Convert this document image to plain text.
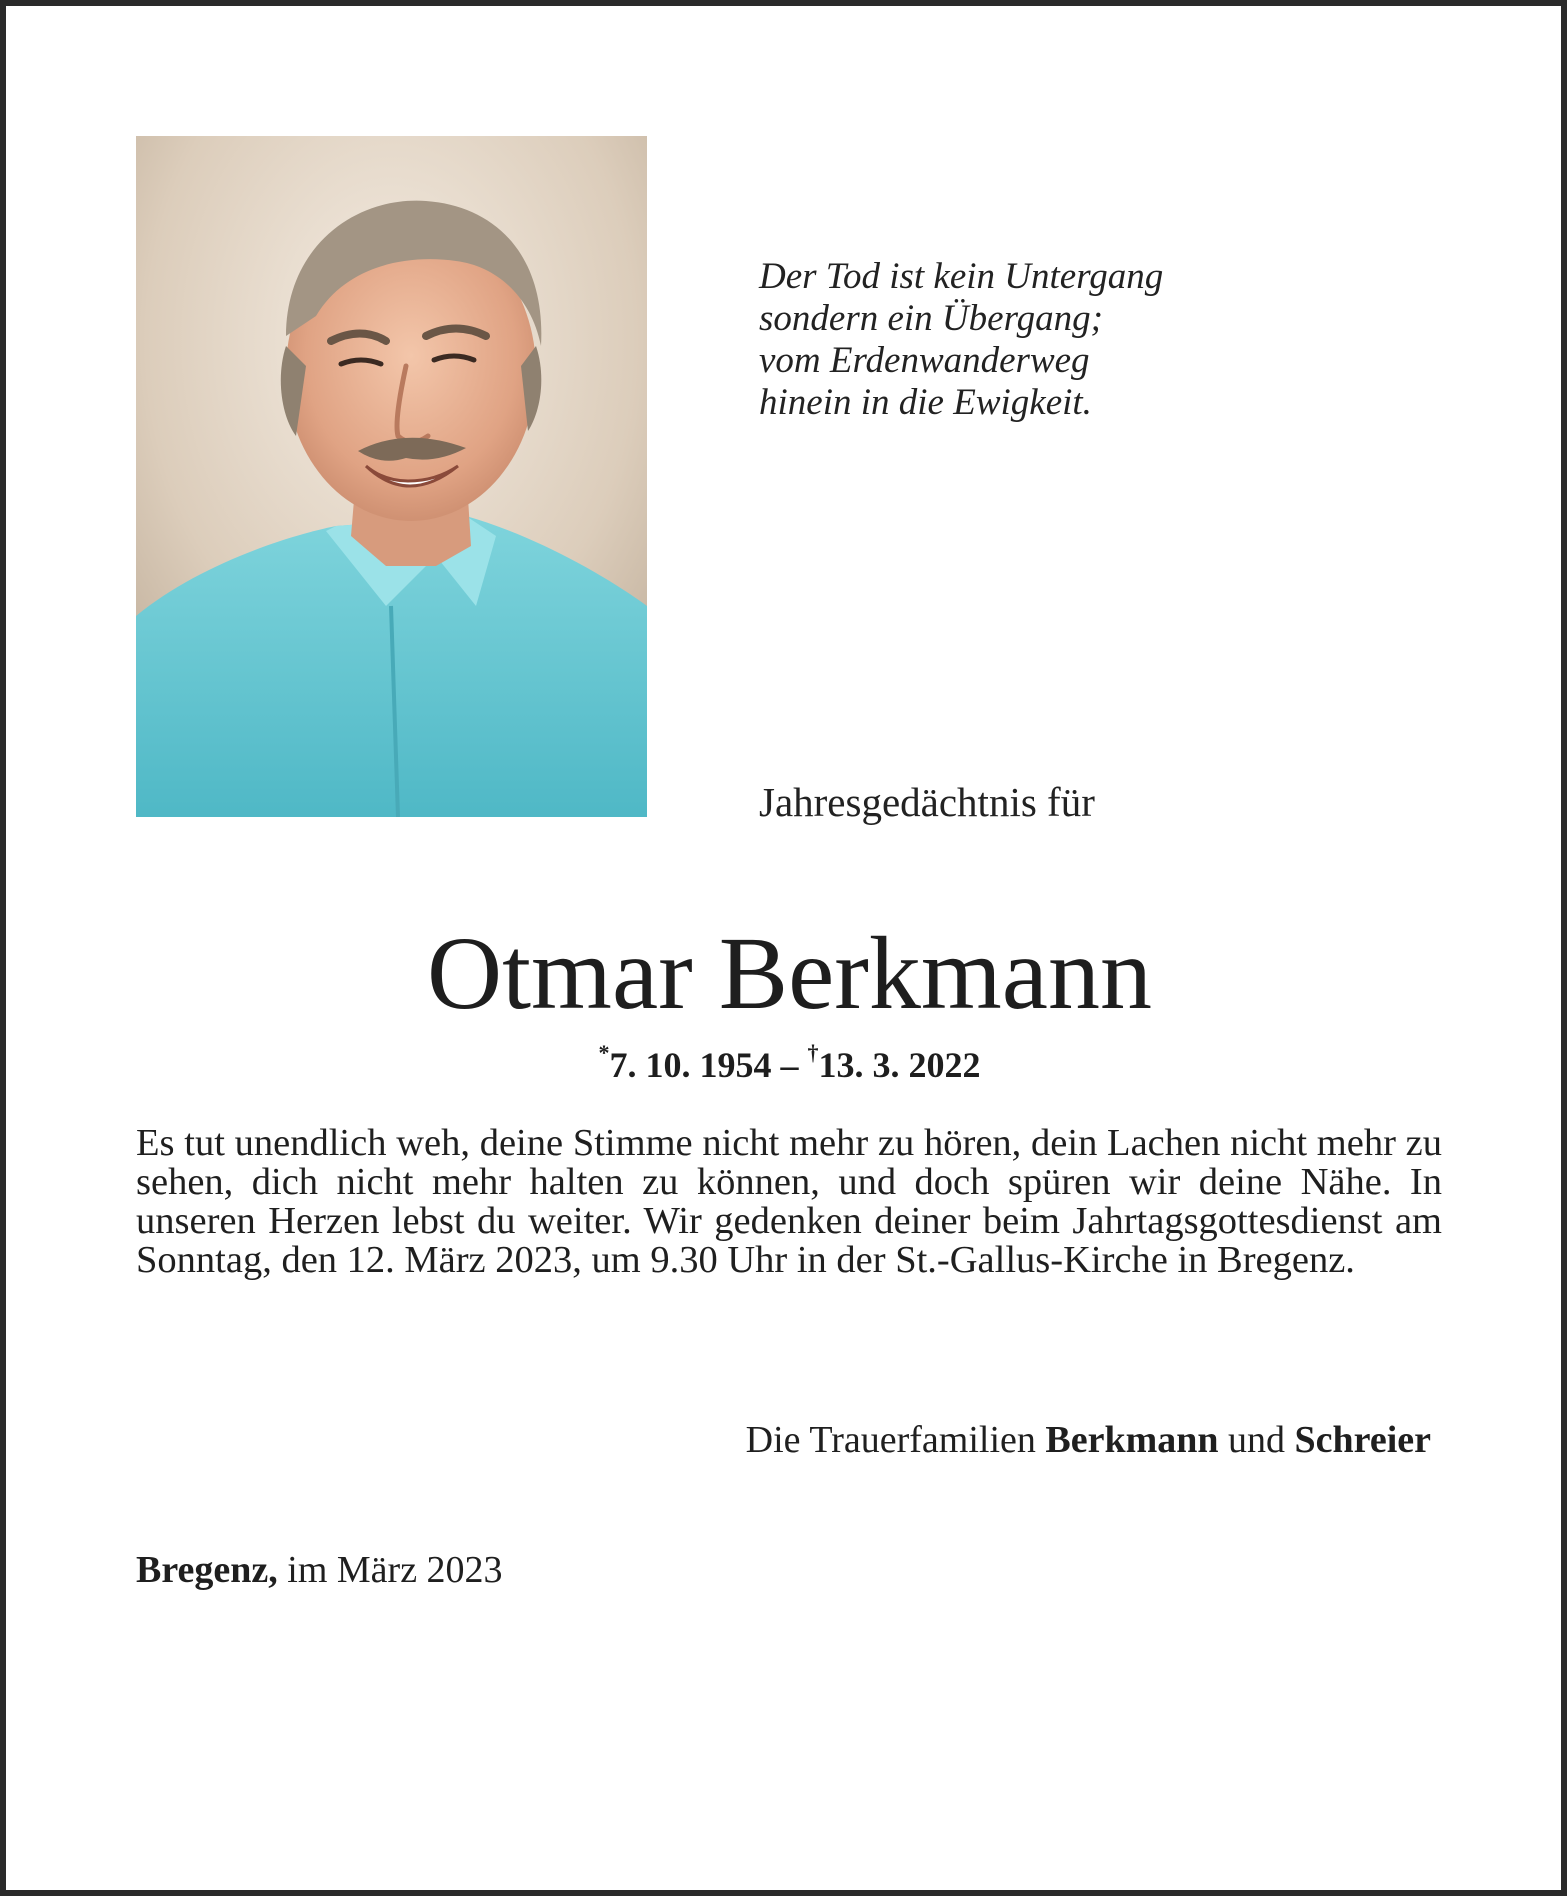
Der Tod ist kein Untergang
sondern ein Übergang;
vom Erdenwanderweg
hinein in die Ewigkeit.
Jahresgedächtnis für
Otmar Berkmann
*7. 10. 1954 – †13. 3. 2022
Es tut unendlich weh, deine Stimme nicht mehr zu hören, dein Lachen nicht mehr zu sehen, dich nicht mehr halten zu können, und doch spüren wir deine Nähe. In unseren Herzen lebst du weiter. Wir gedenken deiner beim Jahrtagsgottesdienst am Sonntag, den 12. März 2023, um 9.30 Uhr in der St.-Gallus-Kirche in Bregenz.
Die Trauerfamilien Berkmann und Schreier
Bregenz, im März 2023
